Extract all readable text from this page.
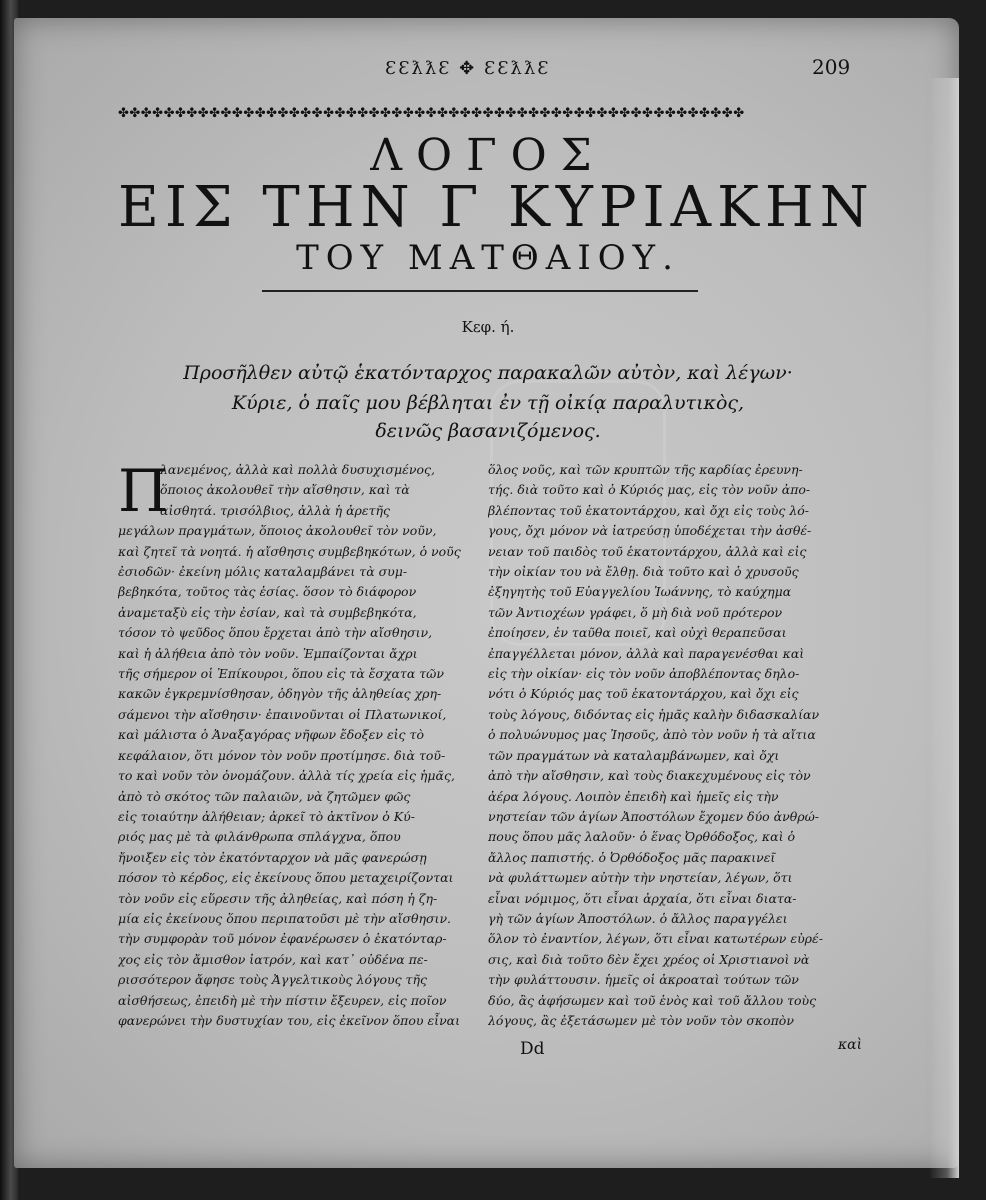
ƐƐƛƛƐ ✥ ƐƐƛƛƐ	209
✤✤✤✤✤✤✤✤✤✤✤✤✤✤✤✤✤✤✤✤✤✤✤✤✤✤✤✤✤✤✤✤✤✤✤✤✤✤✤✤✤✤✤✤✤✤✤✤✤✤✤✤✤✤✤
ΛΟΓΟΣ
ΕΙΣ ΤΗΝ Γ ΚΥΡΙΑΚΗΝ
ΤΟΥ ΜΑΤΘΑΙΟΥ.
Κεφ. ή.
Προσῆλθεν αὐτῷ ἑκατόνταρχος παρακαλῶν αὐτὸν, καὶ λέγων·
Κύριε, ὁ παῖς μου βέβληται ἐν τῇ οἰκίᾳ παραλυτικὸς,
δεινῶς βασανιζόμενος.
Π
λανεμένος, ἀλλὰ καὶ πολλὰ δυσυχισμένος,
ὅποιος ἀκολουθεῖ τὴν αἴσθησιν, καὶ τὰ
αἰσθητά. τρισόλβιος, ἀλλὰ ἡ ἀρετῆς
μεγάλων πραγμάτων, ὅποιος ἀκολουθεῖ τὸν νοῦν,
καὶ ζητεῖ τὰ νοητά. ἡ αἴσθησις συμβεβηκότων, ὁ νοῦς
ἐσιοδῶν· ἐκείνη μόλις καταλαμβάνει τὰ συμ-
βεβηκότα, τοῦτος τὰς ἐσίας. ὅσον τὸ διάφορον
ἀναμεταξὺ εἰς τὴν ἐσίαν, καὶ τὰ συμβεβηκότα,
τόσον τὸ ψεῦδος ὅπου ἔρχεται ἀπὸ τὴν αἴσθησιν,
καὶ ἡ ἀλήθεια ἀπὸ τὸν νοῦν. Ἐμπαίζονται ἄχρι
τῆς σήμερον οἱ Ἐπίκουροι, ὅπου εἰς τὰ ἔσχατα τῶν
κακῶν ἐγκρεμνίσθησαν, ὁδηγὸν τῆς ἀληθείας χρη-
σάμενοι τὴν αἴσθησιν· ἐπαινοῦνται οἱ Πλατωνικοί,
καὶ μάλιστα ὁ Ἀναξαγόρας νῆφων ἔδοξεν εἰς τὸ
κεφάλαιον, ὅτι μόνον τὸν νοῦν προτίμησε. διὰ τοῦ-
το καὶ νοῦν τὸν ὀνομάζουν. ἀλλὰ τίς χρεία εἰς ἡμᾶς,
ἀπὸ τὸ σκότος τῶν παλαιῶν, νὰ ζητῶμεν φῶς
εἰς τοιαύτην ἀλήθειαν; ἀρκεῖ τὸ ἀκτῖνον ὁ Κύ-
ριός μας μὲ τὰ φιλάνθρωπα σπλάγχνα, ὅπου
ἤνοιξεν εἰς τὸν ἑκατόνταρχον νὰ μᾶς φανερώσῃ
πόσον τὸ κέρδος, εἰς ἐκείνους ὅπου μεταχειρίζονται
τὸν νοῦν εἰς εὕρεσιν τῆς ἀληθείας, καὶ πόση ἡ ζη-
μία εἰς ἐκείνους ὅπου περιπατοῦσι μὲ τὴν αἴσθησιν.
τὴν συμφορὰν τοῦ μόνον ἐφανέρωσεν ὁ ἑκατόνταρ-
χος εἰς τὸν ἄμισθον ἰατρόν, καὶ κατ᾽ οὐδένα πε-
ρισσότερον ἄφησε τοὺς Ἀγγελτικοὺς λόγους τῆς
αἰσθήσεως, ἐπειδὴ μὲ τὴν πίστιν ἔξευρεν, εἰς ποῖον
φανερώνει τὴν δυστυχίαν του, εἰς ἐκεῖνον ὅπου εἶναι
ὅλος νοῦς, καὶ τῶν κρυπτῶν τῆς καρδίας ἐρευνη-
τής. διὰ τοῦτο καὶ ὁ Κύριός μας, εἰς τὸν νοῦν ἀπο-
βλέποντας τοῦ ἑκατοντάρχου, καὶ ὄχι εἰς τοὺς λό-
γους, ὄχι μόνον νὰ ἰατρεύσῃ ὑποδέχεται τὴν ἀσθέ-
νειαν τοῦ παιδὸς τοῦ ἑκατοντάρχου, ἀλλὰ καὶ εἰς
τὴν οἰκίαν του νὰ ἔλθῃ. διὰ τοῦτο καὶ ὁ χρυσοῦς
ἐξηγητὴς τοῦ Εὐαγγελίου Ἰωάννης, τὸ καύχημα
τῶν Ἀντιοχέων γράφει, ὅ μὴ διὰ νοῦ πρότερον
ἐποίησεν, ἐν ταῦθα ποιεῖ, καὶ οὐχὶ θεραπεῦσαι
ἐπαγγέλλεται μόνον, ἀλλὰ καὶ παραγενέσθαι καὶ
εἰς τὴν οἰκίαν· εἰς τὸν νοῦν ἀποβλέποντας δηλο-
νότι ὁ Κύριός μας τοῦ ἑκατοντάρχου, καὶ ὄχι εἰς
τοὺς λόγους, διδόντας εἰς ἡμᾶς καλὴν διδασκαλίαν
ὁ πολυώνυμος μας Ἰησοῦς, ἀπὸ τὸν νοῦν ἡ τὰ αἴτια
τῶν πραγμάτων νὰ καταλαμβάνωμεν, καὶ ὄχι
ἀπὸ τὴν αἴσθησιν, καὶ τοὺς διακεχυμένους εἰς τὸν
ἀέρα λόγους. Λοιπὸν ἐπειδὴ καὶ ἡμεῖς εἰς τὴν
νηστείαν τῶν ἁγίων Ἀποστόλων ἔχομεν δύο ἀνθρώ-
πους ὅπου μᾶς λαλοῦν· ὁ ἕνας Ὀρθόδοξος, καὶ ὁ
ἄλλος παπιστής. ὁ Ὀρθόδοξος μᾶς παρακινεῖ
νὰ φυλάττωμεν αὐτὴν τὴν νηστείαν, λέγων, ὅτι
εἶναι νόμιμος, ὅτι εἶναι ἀρχαία, ὅτι εἶναι διατα-
γὴ τῶν ἁγίων Ἀποστόλων. ὁ ἄλλος παραγγέλει
ὅλον τὸ ἐναντίον, λέγων, ὅτι εἶναι κατωτέρων εὑρέ-
σις, καὶ διὰ τοῦτο δὲν ἔχει χρέος οἱ Χριστιανοὶ νὰ
τὴν φυλάττουσιν. ἡμεῖς οἱ ἀκροαταὶ τούτων τῶν
δύο, ἂς ἀφήσωμεν καὶ τοῦ ἑνὸς καὶ τοῦ ἄλλου τοὺς
λόγους, ἂς ἐξετάσωμεν μὲ τὸν νοῦν τὸν σκοπὸν
Dd	καὶ
